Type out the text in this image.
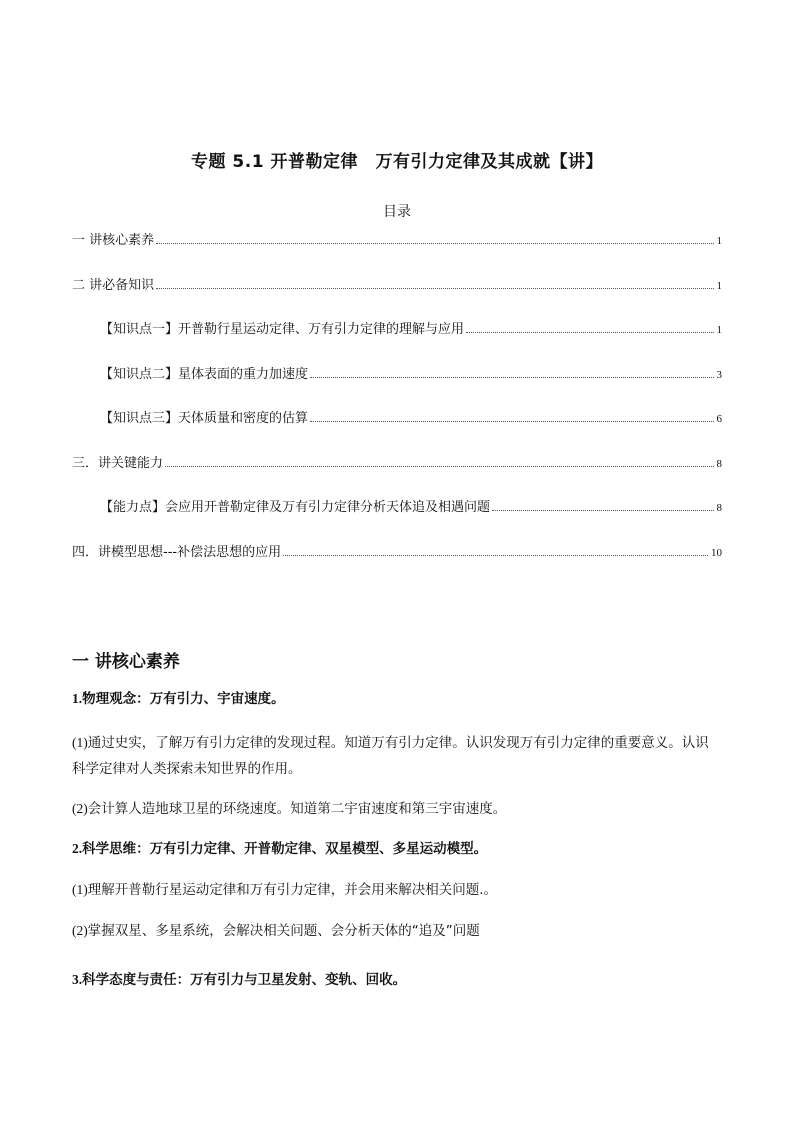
专题 5.1 开普勒定律　万有引力定律及其成就【讲】
目录
一 讲核心素养	1
二 讲必备知识	1
【知识点一】开普勒行星运动定律、万有引力定律的理解与应用	1
【知识点二】星体表面的重力加速度	3
【知识点三】天体质量和密度的估算	6
三．讲关键能力	8
【能力点】会应用开普勒定律及万有引力定律分析天体追及相遇问题	8
四．讲模型思想---补偿法思想的应用	10
一 讲核心素养
1.物理观念：万有引力、宇宙速度。
(1)通过史实，了解万有引力定律的发现过程。知道万有引力定律。认识发现万有引力定律的重要意义。认识科学定律对人类探索未知世界的作用。
(2)会计算人造地球卫星的环绕速度。知道第二宇宙速度和第三宇宙速度。
2.科学思维：万有引力定律、开普勒定律、双星模型、多星运动模型。
(1)理解开普勒行星运动定律和万有引力定律，并会用来解决相关问题.。
(2)掌握双星、多星系统，会解决相关问题、会分析天体的“追及”问题
3.科学态度与责任：万有引力与卫星发射、变轨、回收。
